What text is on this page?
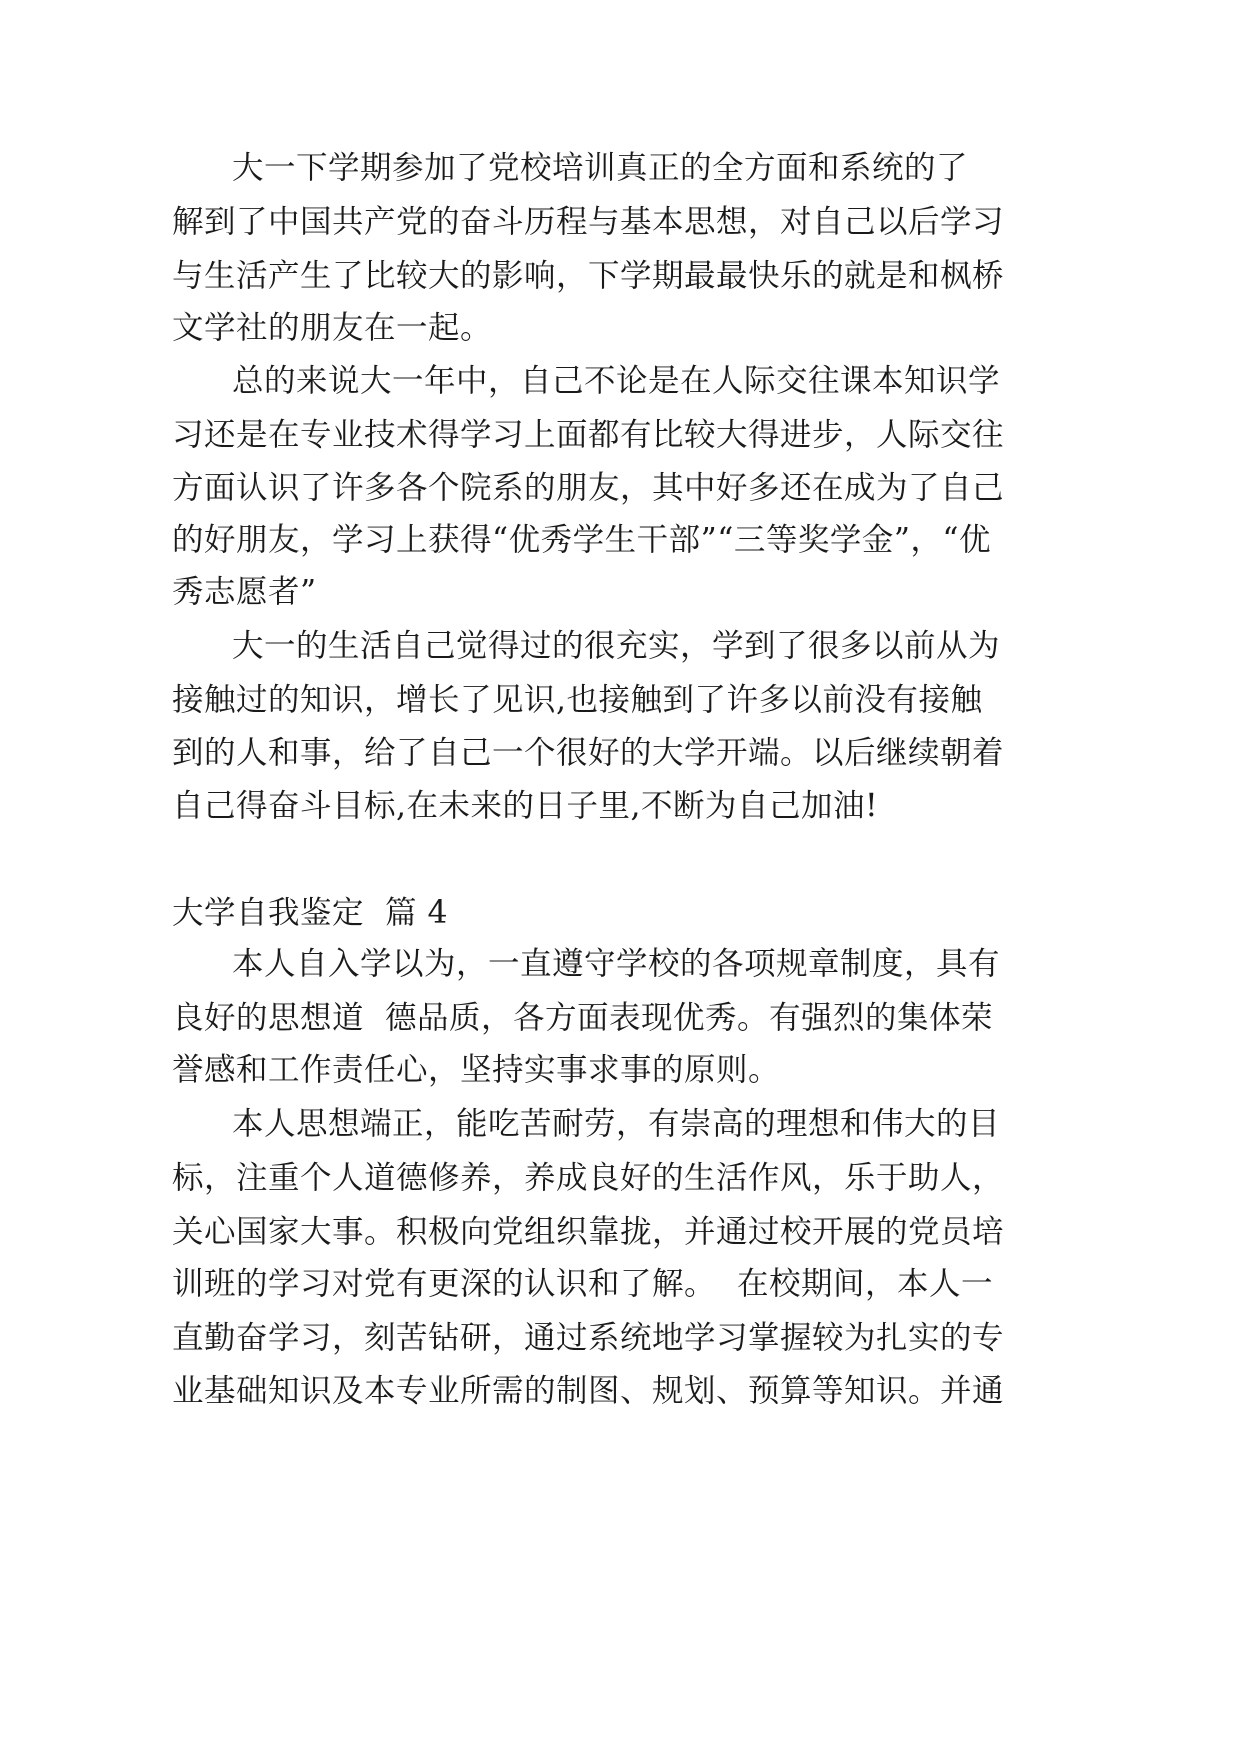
大一下学期参加了党校培训真正的全方面和系统的了
解到了中国共产党的奋斗历程与基本思想，对自己以后学习
与生活产生了比较大的影响，下学期最最快乐的就是和枫桥
文学社的朋友在一起。
总的来说大一年中，自己不论是在人际交往课本知识学
习还是在专业技术得学习上面都有比较大得进步，人际交往
方面认识了许多各个院系的朋友，其中好多还在成为了自己
的好朋友，学习上获得“优秀学生干部”“三等奖学金”，“优
秀志愿者”
大一的生活自己觉得过的很充实，学到了很多以前从为
接触过的知识，增长了见识,也接触到了许多以前没有接触
到的人和事，给了自己一个很好的大学开端。以后继续朝着
自己得奋斗目标,在未来的日子里,不断为自己加油!
大学自我鉴定  篇 4
本人自入学以为，一直遵守学校的各项规章制度，具有
良好的思想道  德品质，各方面表现优秀。有强烈的集体荣
誉感和工作责任心，坚持实事求事的原则。
本人思想端正，能吃苦耐劳，有崇高的理想和伟大的目
标，注重个人道德修养，养成良好的生活作风，乐于助人，
关心国家大事。积极向党组织靠拢，并通过校开展的党员培
训班的学习对党有更深的认识和了解。  在校期间，本人一
直勤奋学习，刻苦钻研，通过系统地学习掌握较为扎实的专
业基础知识及本专业所需的制图、规划、预算等知识。并通
